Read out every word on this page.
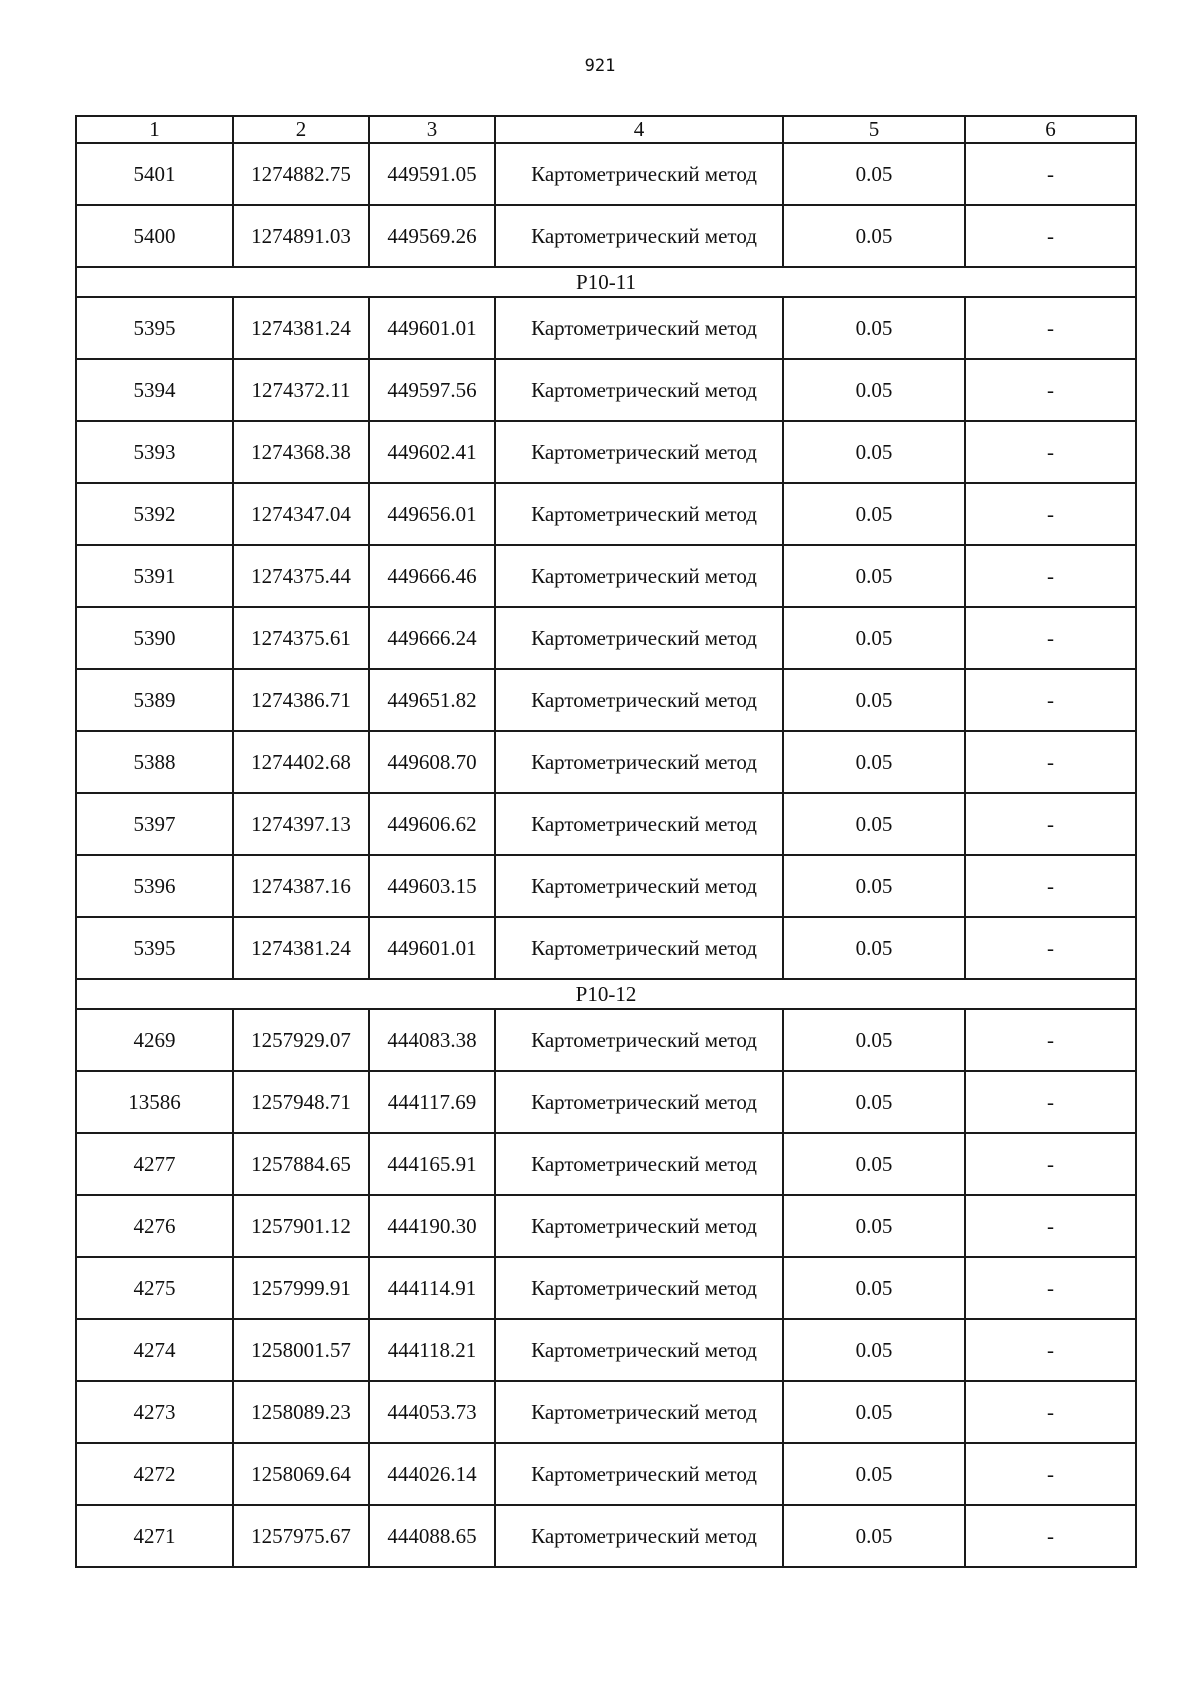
921
1	2	3	4	5	6
5401	1274882.75	449591.05	Картометрический метод	0.05	-
5400	1274891.03	449569.26	Картометрический метод	0.05	-
Р10-11					
5395	1274381.24	449601.01	Картометрический метод	0.05	-
5394	1274372.11	449597.56	Картометрический метод	0.05	-
5393	1274368.38	449602.41	Картометрический метод	0.05	-
5392	1274347.04	449656.01	Картометрический метод	0.05	-
5391	1274375.44	449666.46	Картометрический метод	0.05	-
5390	1274375.61	449666.24	Картометрический метод	0.05	-
5389	1274386.71	449651.82	Картометрический метод	0.05	-
5388	1274402.68	449608.70	Картометрический метод	0.05	-
5397	1274397.13	449606.62	Картометрический метод	0.05	-
5396	1274387.16	449603.15	Картометрический метод	0.05	-
5395	1274381.24	449601.01	Картометрический метод	0.05	-
Р10-12					
4269	1257929.07	444083.38	Картометрический метод	0.05	-
13586	1257948.71	444117.69	Картометрический метод	0.05	-
4277	1257884.65	444165.91	Картометрический метод	0.05	-
4276	1257901.12	444190.30	Картометрический метод	0.05	-
4275	1257999.91	444114.91	Картометрический метод	0.05	-
4274	1258001.57	444118.21	Картометрический метод	0.05	-
4273	1258089.23	444053.73	Картометрический метод	0.05	-
4272	1258069.64	444026.14	Картометрический метод	0.05	-
4271	1257975.67	444088.65	Картометрический метод	0.05	-
